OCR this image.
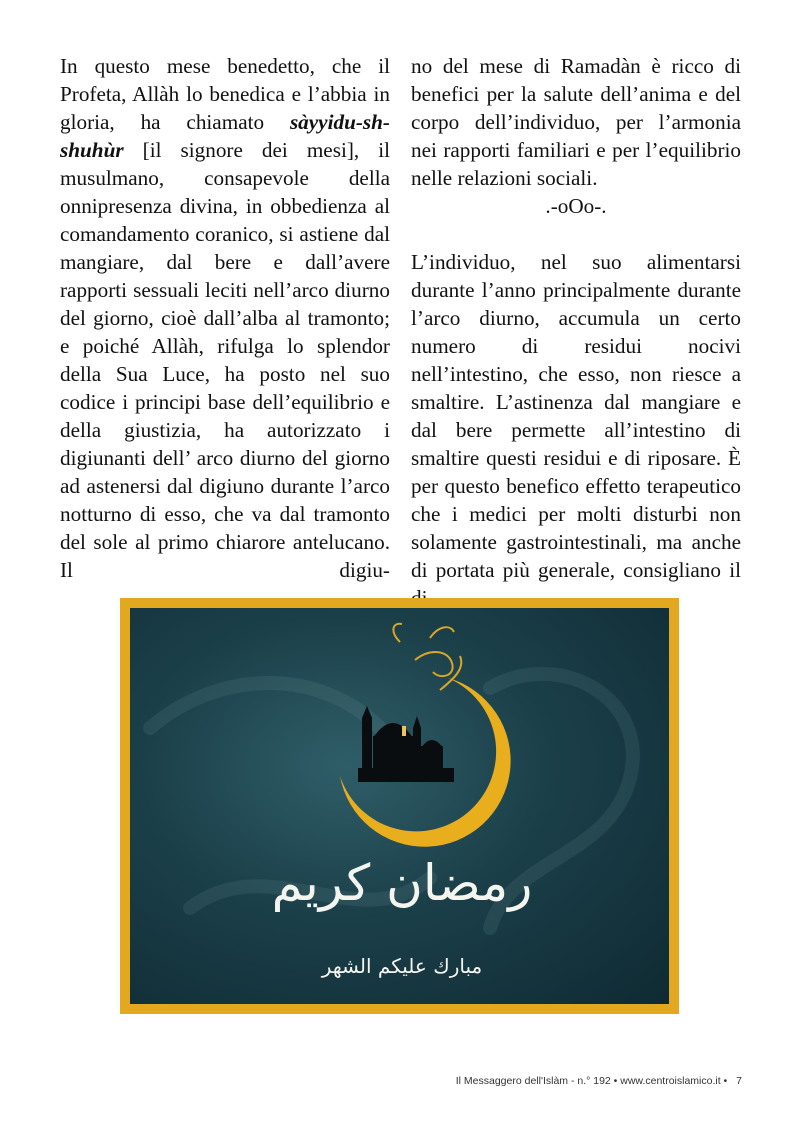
In questo mese benedetto, che il Profeta, Allàh lo benedica e l’abbia in gloria, ha chiamato sàyyidu-sh-shuhùr [il signore dei mesi], il musulmano, consapevole della onnipresenza divina, in obbedienza al comandamento coranico, si astiene dal mangiare, dal bere e dall’avere rapporti sessuali leciti nell’arco diurno del giorno, cioè dall’alba al tramonto; e poiché Allàh, rifulga lo splendor della Sua Luce, ha posto nel suo codice i principi base dell’equilibrio e della giustizia, ha autorizzato i digiunanti dell’ arco diurno del giorno ad astenersi dal digiuno durante l’arco notturno di esso, che va dal tramonto del sole al primo chiarore antelucano. Il digiu-

no del mese di Ramadàn è ricco di benefici per la salute dell’anima e del corpo dell’individuo, per l’armonia nei rapporti familiari e per l’equilibrio nelle relazioni sociali.

.-oOo-.

L’individuo, nel suo alimentarsi durante l’anno principalmente durante l’arco diurno, accumula un certo numero di residui nocivi nell’intestino, che esso, non riesce a smaltire. L’astinenza dal mangiare e dal bere permette all’intestino di smaltire questi residui e di riposare. È per questo benefico effetto terapeutico che i medici per molti disturbi non solamente gastrointestinali, ma anche di portata più generale, consigliano il

رمضان كريم
مبارك عليكم الشهر
Il Messaggero dell'Islàm - n.° 192 • www.centroislamico.it • 7
